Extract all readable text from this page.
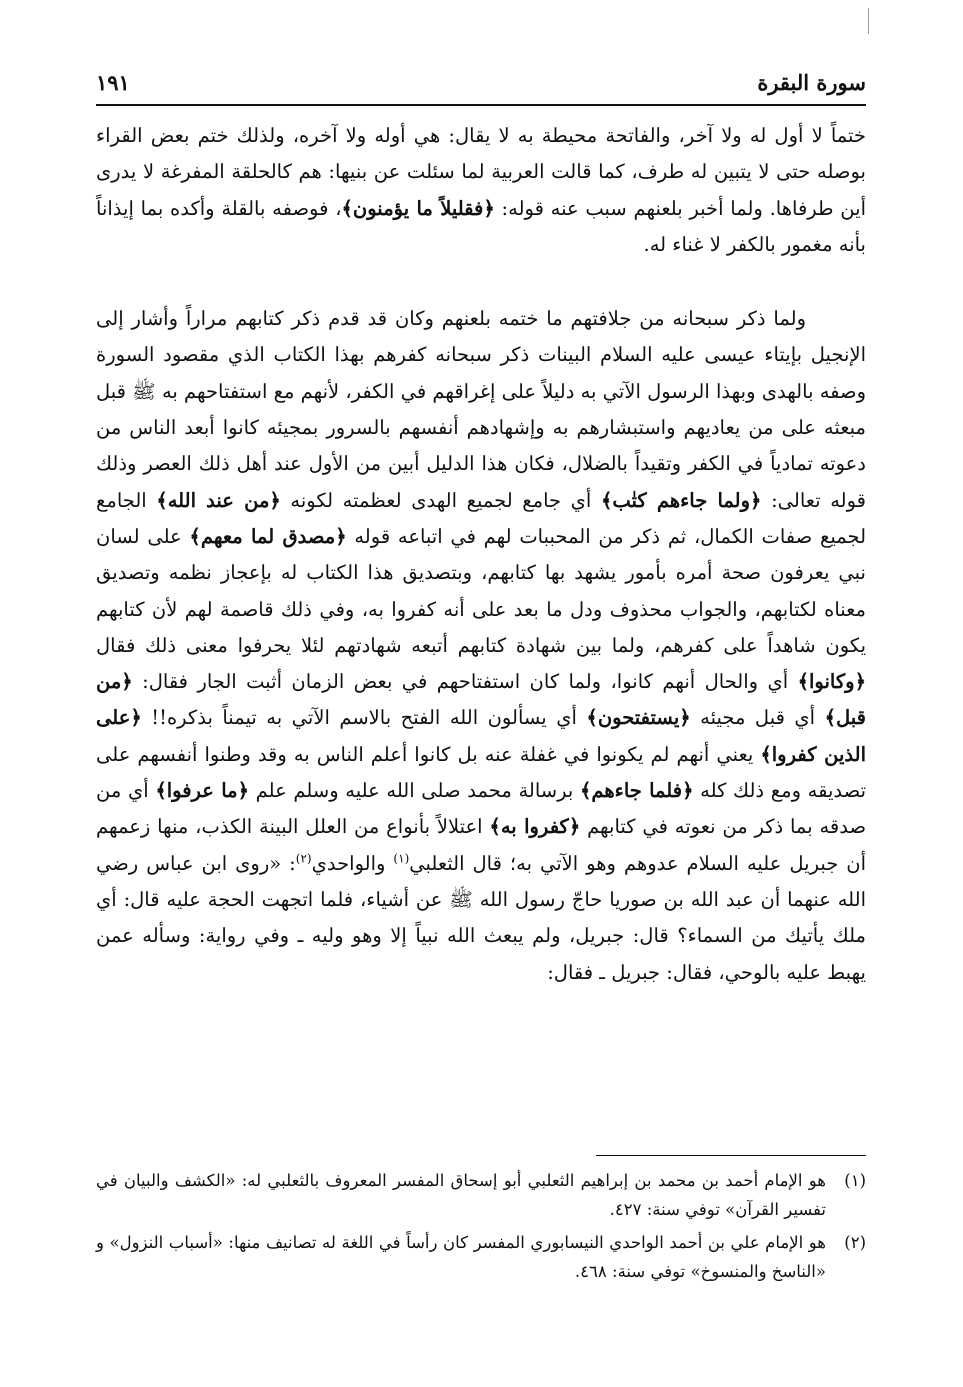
سورة البقرة
١٩١

ختماً لا أول له ولا آخر، والفاتحة محيطة به لا يقال: هي أوله ولا آخره، ولذلك ختم بعض القراء بوصله حتى لا يتبين له طرف، كما قالت العربية لما سئلت عن بنيها: هم كالحلقة المفرغة لا يدرى أين طرفاها. ولما أخبر بلعنهم سبب عنه قوله: ﴿فقليلاً ما يؤمنون﴾، فوصفه بالقلة وأكده بما إيذاناً بأنه مغمور بالكفر لا غناء له.

ولما ذكر سبحانه من جلافتهم ما ختمه بلعنهم وكان قد قدم ذكر كتابهم مراراً وأشار إلى الإنجيل بإيتاء عيسى عليه السلام البينات ذكر سبحانه كفرهم بهذا الكتاب الذي مقصود السورة وصفه بالهدى وبهذا الرسول الآتي به دليلاً على إغراقهم في الكفر، لأنهم مع استفتاحهم به ﷺ قبل مبعثه على من يعاديهم واستبشارهم به وإشهادهم أنفسهم بالسرور بمجيئه كانوا أبعد الناس من دعوته تمادياً في الكفر وتقيداً بالضلال، فكان هذا الدليل أبين من الأول عند أهل ذلك العصر وذلك قوله تعالى: ﴿ولما جاءهم كتٰب﴾ أي جامع لجميع الهدى لعظمته لكونه ﴿من عند الله﴾ الجامع لجميع صفات الكمال، ثم ذكر من المحببات لهم في اتباعه قوله ﴿مصدق لما معهم﴾ على لسان نبي يعرفون صحة أمره بأمور يشهد بها كتابهم، وبتصديق هذا الكتاب له بإعجاز نظمه وتصديق معناه لكتابهم، والجواب محذوف ودل ما بعد على أنه كفروا به، وفي ذلك قاصمة لهم لأن كتابهم يكون شاهداً على كفرهم، ولما بين شهادة كتابهم أتبعه شهادتهم لئلا يحرفوا معنى ذلك فقال ﴿وكانوا﴾ أي والحال أنهم كانوا، ولما كان استفتاحهم في بعض الزمان أثبت الجار فقال: ﴿من قبل﴾ أي قبل مجيئه ﴿يستفتحون﴾ أي يسألون الله الفتح بالاسم الآتي به تيمناً بذكره!! ﴿على الذين كفروا﴾ يعني أنهم لم يكونوا في غفلة عنه بل كانوا أعلم الناس به وقد وطنوا أنفسهم على تصديقه ومع ذلك كله ﴿فلما جاءهم﴾ برسالة محمد صلى الله عليه وسلم علم ﴿ما عرفوا﴾ أي من صدقه بما ذكر من نعوته في كتابهم ﴿كفروا به﴾ اعتلالاً بأنواع من العلل البينة الكذب، منها زعمهم أن جبريل عليه السلام عدوهم وهو الآتي به؛ قال الثعلبي$^{(١)}$ والواحدي$^{(٢)}$: «روى ابن عباس رضي الله عنهما أن عبد الله بن صوريا حاجّ رسول الله ﷺ عن أشياء، فلما اتجهت الحجة عليه قال: أي ملك يأتيك من السماء؟ قال: جبريل، ولم يبعث الله نبياً إلا وهو وليه ـ وفي رواية: وسأله عمن يهبط عليه بالوحي، فقال: جبريل ـ فقال:

(١)
هو الإمام أحمد بن محمد بن إبراهيم الثعلبي أبو إسحاق المفسر المعروف بالثعلبي له: «الكشف والبيان في تفسير القرآن» توفي سنة: ٤٢٧.

(٢)
هو الإمام علي بن أحمد الواحدي النيسابوري المفسر كان رأساً في اللغة له تصانيف منها: «أسباب النزول» و «الناسخ والمنسوخ» توفي سنة: ٤٦٨.
